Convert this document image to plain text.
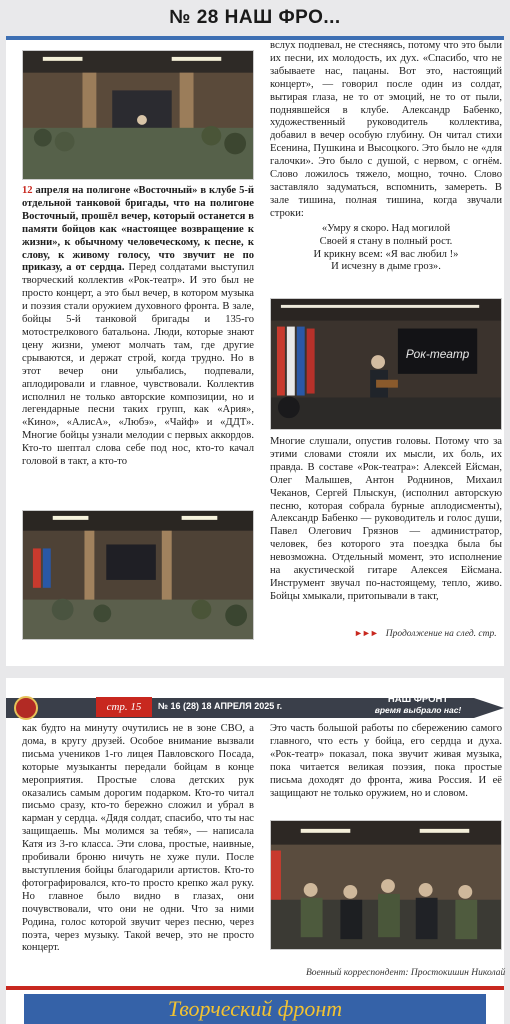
№ 28 НАШ ФРО...

12 апреля на полигоне «Восточный» в клубе 5-й отдельной танковой бригады, что на полигоне Восточный, прошёл вечер, который останется в памяти бойцов как «настоящее возвращение к жизни», к обычному человеческому, к песне, к слову, к живому голосу, что звучит не по приказу, а от сердца. Перед солдатами выступил творческий коллектив «Рок-театр». И это был не просто концерт, а это был вечер, в котором музыка и поэзия стали оружием духовного фронта. В зале, бойцы 5-й танковой бригады и 135-го мотострелкового батальона. Люди, которые знают цену жизни, умеют молчать там, где другие срываются, и держат строй, когда трудно. Но в этот вечер они улыбались, подпевали, аплодировали и главное, чувствовали. Коллектив исполнил не только авторские композиции, но и легендарные песни таких групп, как «Ария», «Кино», «АлисА», «Любэ», «Чайф» и «ДДТ». Многие бойцы узнали мелодии с первых аккордов. Кто-то шептал слова себе под нос, кто-то качал головой в такт, а кто-то

вслух подпевал, не стесняясь, потому что это были их песни, их молодость, их дух. «Спасибо, что не забываете нас, пацаны. Вот это, настоящий концерт», — говорил после один из солдат, вытирая глаза, не то от эмоций, не то от пыли, поднявшейся в клубе. Александр Бабенко, художественный руководитель коллектива, добавил в вечер особую глубину. Он читал стихи Есенина, Пушкина и Высоцкого. Это было не «для галочки». Это было с душой, с нервом, с огнём. Слово ложилось тяжело, мощно, точно. Слово заставляло задуматься, вспомнить, замереть. В зале тишина, полная тишина, когда звучали строки:

«Умру я скоро. Над могилой
Своей я стану в полный рост.
И крикну всем: «Я вас любил !»
И исчезну в дыме гроз».
Рок-театр

Многие слушали, опустив головы. Потому что за этими словами стояли их мысли, их боль, их правда. В составе «Рок-театра»: Алексей Ейсман, Олег Малышев, Антон Роднинов, Михаил Чеканов, Сергей Плыскун, (исполнил авторскую песню, которая собрала бурные аплодисменты), Александр Бабенко — руководитель и голос души, Павел Олегович Грязнов — администратор, человек, без которого эта поездка была бы невозможна. Отдельный момент, это исполнение на акустической гитаре Алексея Ейсмана. Инструмент звучал по-настоящему, тепло, живо. Бойцы хмыкали, притопывали в такт,

►►► Продолжение на след. стр.
стр. 15	№ 16 (28) 18 АПРЕЛЯ 2025 г.
НАШ ФРОНТ
время выбрало нас!

как будто на минуту очутились не в зоне СВО, а дома, в кругу друзей. Особое внимание вызвали письма учеников 1-го лицея Павловского Посада, которые музыканты передали бойцам в конце мероприятия. Простые слова детских рук оказались самым дорогим подарком. Кто-то читал письмо сразу, кто-то бережно сложил и убрал в карман у сердца. «Дядя солдат, спасибо, что ты нас защищаешь. Мы молимся за тебя», — написала Катя из 3-го класса. Эти слова, простые, наивные, пробивали броню ничуть не хуже пули. После выступления бойцы благодарили артистов. Кто-то фотографировался, кто-то просто крепко жал руку. Но главное было видно в глазах, они почувствовали, что они не одни. Что за ними Родина, голос которой звучит через песню, через поэта, через музыку. Такой вечер, это не просто концерт.

Это часть большой работы по сбережению самого главного, что есть у бойца, его сердца и духа. «Рок-театр» показал, пока звучит живая музыка, пока читается великая поэзия, пока простые письма доходят до фронта, жива Россия. И её защищают не только оружием, но и словом.

Военный корреспондент: Простокишин Николай
Творческий фронт
